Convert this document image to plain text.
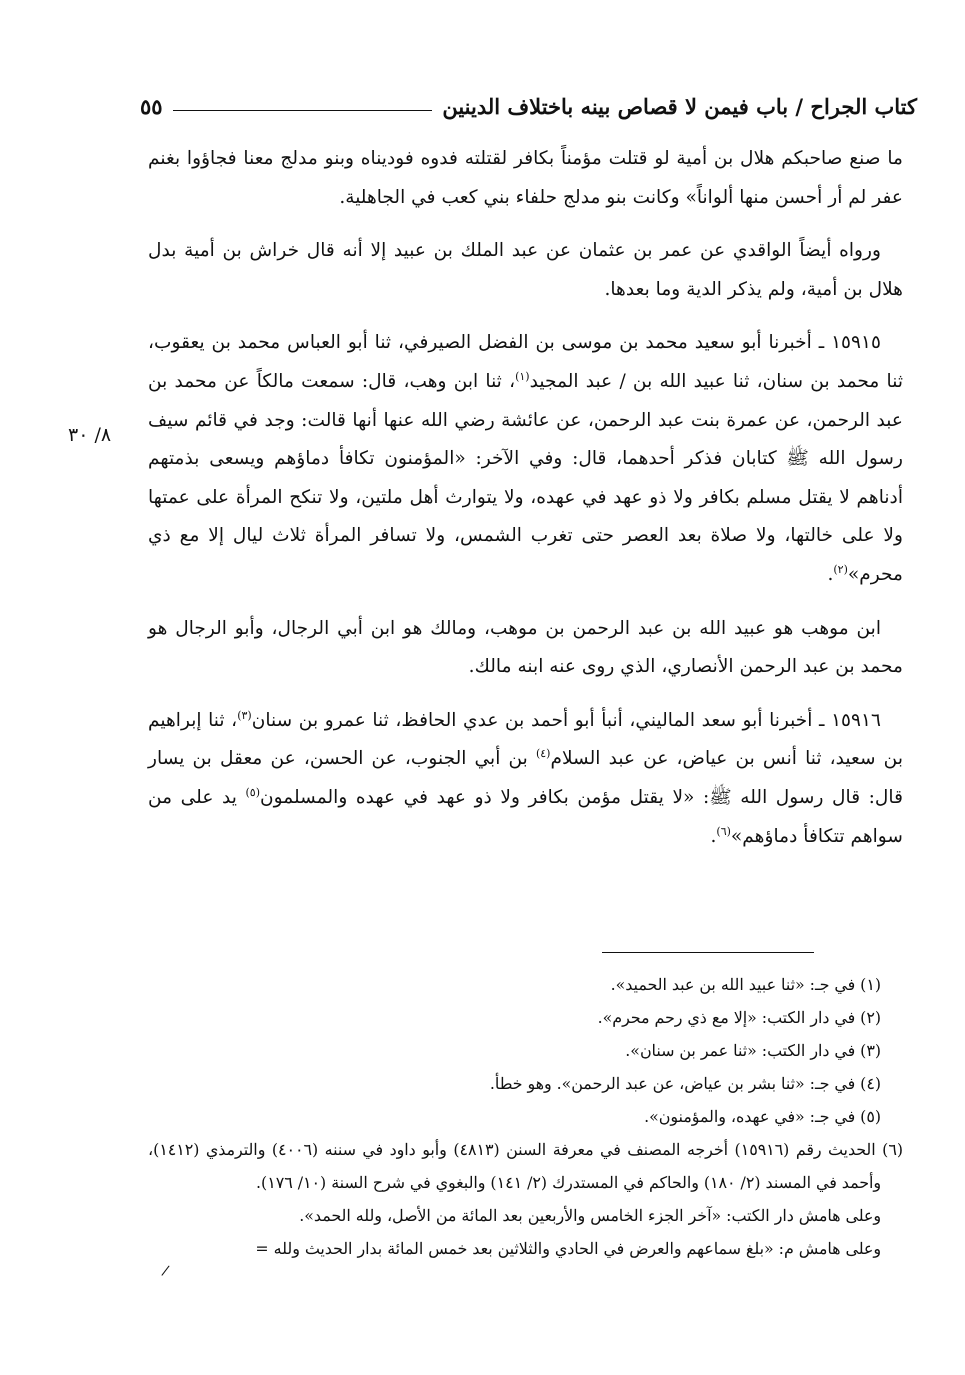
كتاب الجراح / باب فيمن لا قصاص بينه باختلاف الدينين
٥٥
٨/ ٣٠

ما صنع صاحبكم هلال بن أمية لو قتلت مؤمناً بكافر لقتلته فدوه فوديناه وبنو مدلج معنا فجاؤوا بغنم عفر لم أر أحسن منها ألواناً» وكانت بنو مدلج حلفاء بني كعب في الجاهلية.

ورواه أيضاً الواقدي عن عمر بن عثمان عن عبد الملك بن عبيد إلا أنه قال خراش بن أمية بدل هلال بن أمية، ولم يذكر الدية وما بعدها.

١٥٩١٥ ـ أخبرنا أبو سعيد محمد بن موسى بن الفضل الصيرفي، ثنا أبو العباس محمد بن يعقوب، ثنا محمد بن سنان، ثنا عبيد الله بن / عبد المجيد$^{(١)}$، ثنا ابن وهب، قال: سمعت مالكاً عن محمد بن عبد الرحمن، عن عمرة بنت عبد الرحمن، عن عائشة رضي الله عنها أنها قالت: وجد في قائم سيف رسول الله ﷺ كتابان فذكر أحدهما، قال: وفي الآخر: «المؤمنون تكافأ دماؤهم ويسعى بذمتهم أدناهم لا يقتل مسلم بكافر ولا ذو عهد في عهده، ولا يتوارث أهل ملتين، ولا تنكح المرأة على عمتها ولا على خالتها، ولا صلاة بعد العصر حتى تغرب الشمس، ولا تسافر المرأة ثلاث ليال إلا مع ذي محرم»$^{(٢)}$.

ابن موهب هو عبيد الله بن عبد الرحمن بن موهب، ومالك هو ابن أبي الرجال، وأبو الرجال هو محمد بن عبد الرحمن الأنصاري، الذي روى عنه ابنه مالك.

١٥٩١٦ ـ أخبرنا أبو سعد الماليني، أنبأ أبو أحمد بن عدي الحافظ، ثنا عمرو بن سنان$^{(٣)}$، ثنا إبراهيم بن سعيد، ثنا أنس بن عياض، عن عبد السلام$^{(٤)}$ بن أبي الجنوب، عن الحسن، عن معقل بن يسار قال: قال رسول الله ﷺ: «لا يقتل مؤمن بكافر ولا ذو عهد في عهده والمسلمون$^{(٥)}$ يد على من سواهم تتكافأ دماؤهم»$^{(٦)}$.

(١) في جـ: «ثنا عبيد الله بن عبد الحميد».
(٢) في دار الكتب: «إلا مع ذي رحم محرم».
(٣) في دار الكتب: «ثنا عمر بن سنان».
(٤) في جـ: «ثنا بشر بن عياض، عن عبد الرحمن». وهو خطأ.
(٥) في جـ: «في عهده، والمؤمنون».
(٦) الحديث رقم (١٥٩١٦) أخرجه المصنف في معرفة السنن (٤٨١٣) وأبو داود في سننه (٤٠٠٦) والترمذي (١٤١٢)، وأحمد في المسند (٢/ ١٨٠) والحاكم في المستدرك (٢/ ١٤١) والبغوي في شرح السنة (١٠/ ١٧٦).
وعلى هامش دار الكتب: «آخر الجزء الخامس والأربعين بعد المائة من الأصل، ولله الحمد».
وعلى هامش م: «بلغ سماعهم والعرض في الحادي والثلاثين بعد خمس المائة بدار الحديث ولله =
/
